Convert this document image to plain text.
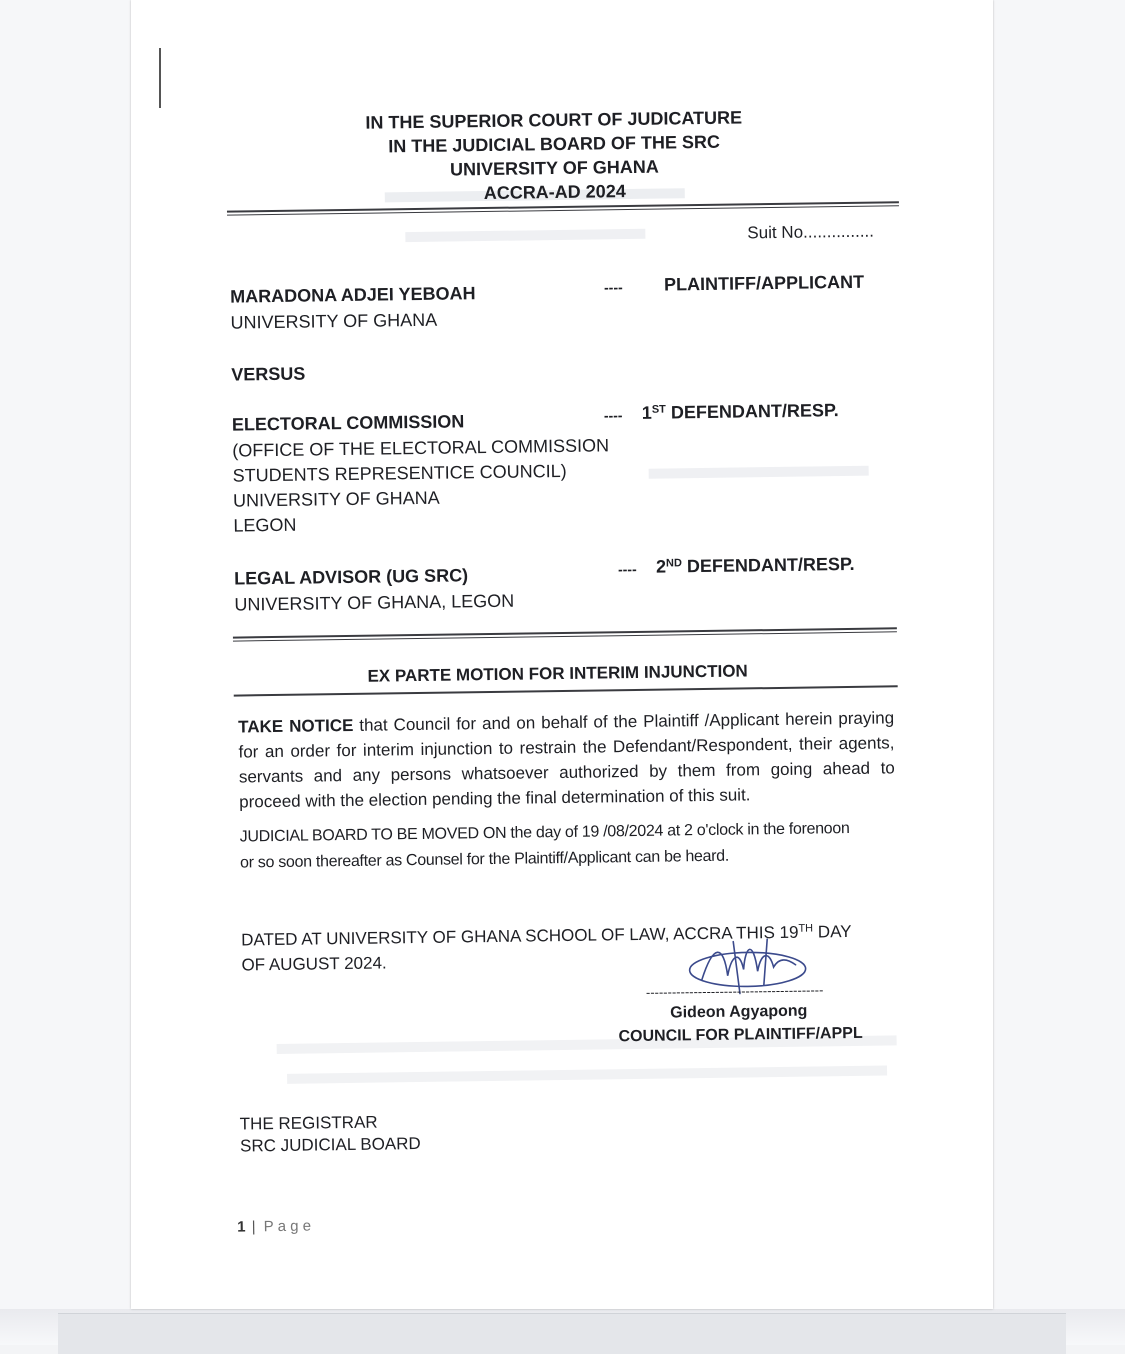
IN THE SUPERIOR COURT OF JUDICATURE
IN THE JUDICIAL BOARD OF THE SRC
UNIVERSITY OF GHANA
ACCRA-AD 2024
Suit No...............
MARADONA ADJEI YEBOAH
UNIVERSITY OF GHANA
---- PLAINTIFF/APPLICANT
VERSUS
ELECTORAL COMMISSION
(OFFICE OF THE ELECTORAL COMMISSION
STUDENTS REPRESENTICE COUNCIL)
UNIVERSITY OF GHANA
LEGON
---- 1ST DEFENDANT/RESP.
LEGAL ADVISOR (UG SRC)
UNIVERSITY OF GHANA, LEGON
---- 2ND DEFENDANT/RESP.
EX PARTE MOTION FOR INTERIM INJUNCTION
TAKE NOTICE that Council for and on behalf of the Plaintiff /Applicant herein praying for an order for interim injunction to restrain the Defendant/Respondent, their agents, servants and any persons whatsoever authorized by them from going ahead to proceed with the election pending the final determination of this suit.
JUDICIAL BOARD TO BE MOVED ON the day of 19 /08/2024 at 2 o'clock in the forenoon
or so soon thereafter as Counsel for the Plaintiff/Applicant can be heard.
DATED AT UNIVERSITY OF GHANA SCHOOL OF LAW, ACCRA THIS 19TH DAY
OF AUGUST 2024.
-----------------------------------------
Gideon Agyapong
COUNCIL FOR PLAINTIFF/APPL
THE REGISTRAR
SRC JUDICIAL BOARD
1 | P a g e
